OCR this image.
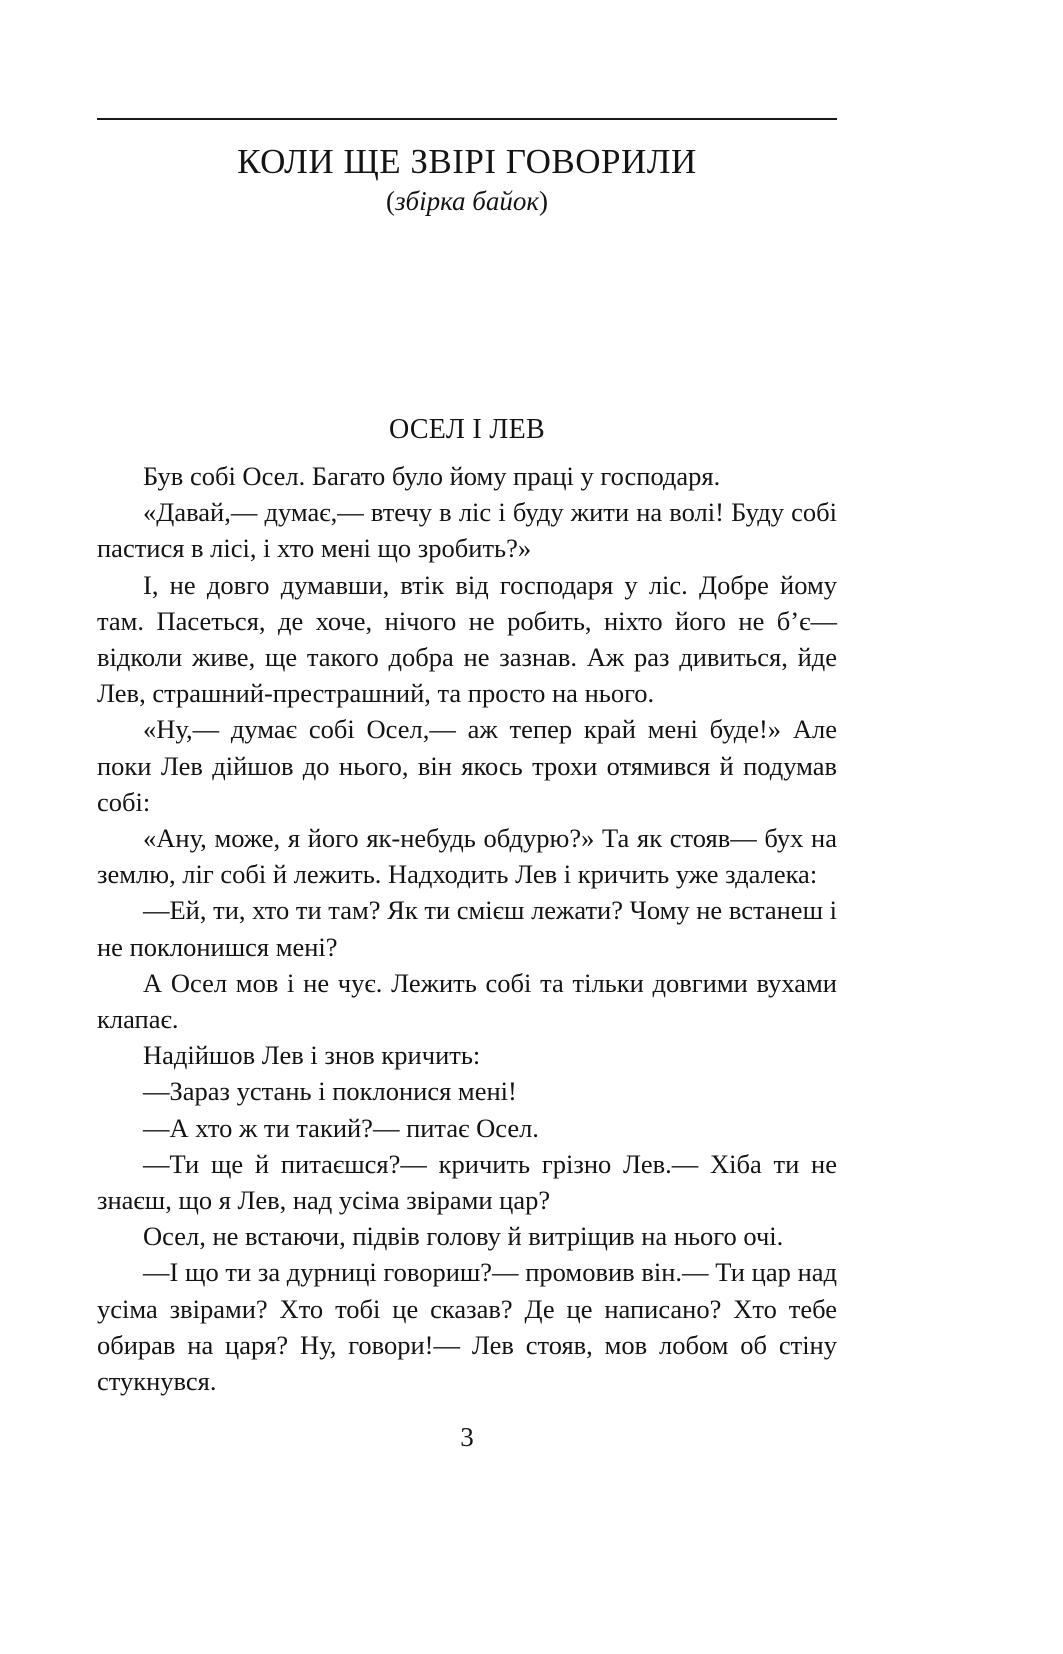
КОЛИ ЩЕ ЗВІРІ ГОВОРИЛИ
(збірка байок)
ОСЕЛ І ЛЕВ

Був собі Осел. Багато було йому праці у господаря.

«Давай,— думає,— втечу в ліс і буду жити на волі! Буду собі пастися в лісі, і хто мені що зробить?»

І, не довго думавши, втік від господаря у ліс. Добре йому там. Пасеться, де хоче, нічого не робить, ніхто його не б’є— відколи живе, ще такого добра не зазнав. Аж раз дивиться, йде Лев, страшний-престрашний, та просто на нього.

«Ну,— думає собі Осел,— аж тепер край мені буде!» Але поки Лев дійшов до нього, він якось трохи отямився й подумав собі:

«Ану, може, я його як-небудь обдурю?» Та як стояв— бух на землю, ліг собі й лежить. Надходить Лев і кричить уже здалека:

—Ей, ти, хто ти там? Як ти смієш лежати? Чому не встанеш і не поклонишся мені?

А Осел мов і не чує. Лежить собі та тільки довгими вухами клапає.

Надійшов Лев і знов кричить:

—Зараз устань і поклонися мені!

—А хто ж ти такий?— питає Осел.

—Ти ще й питаєшся?— кричить грізно Лев.— Хіба ти не знаєш, що я Лев, над усіма звірами цар?

Осел, не встаючи, підвів голову й витріщив на нього очі.

—І що ти за дурниці говориш?— промовив він.— Ти цар над усіма звірами? Хто тобі це сказав? Де це написано? Хто тебе обирав на царя? Ну, говори!— Лев стояв, мов лобом об стіну стукнувся.

3
